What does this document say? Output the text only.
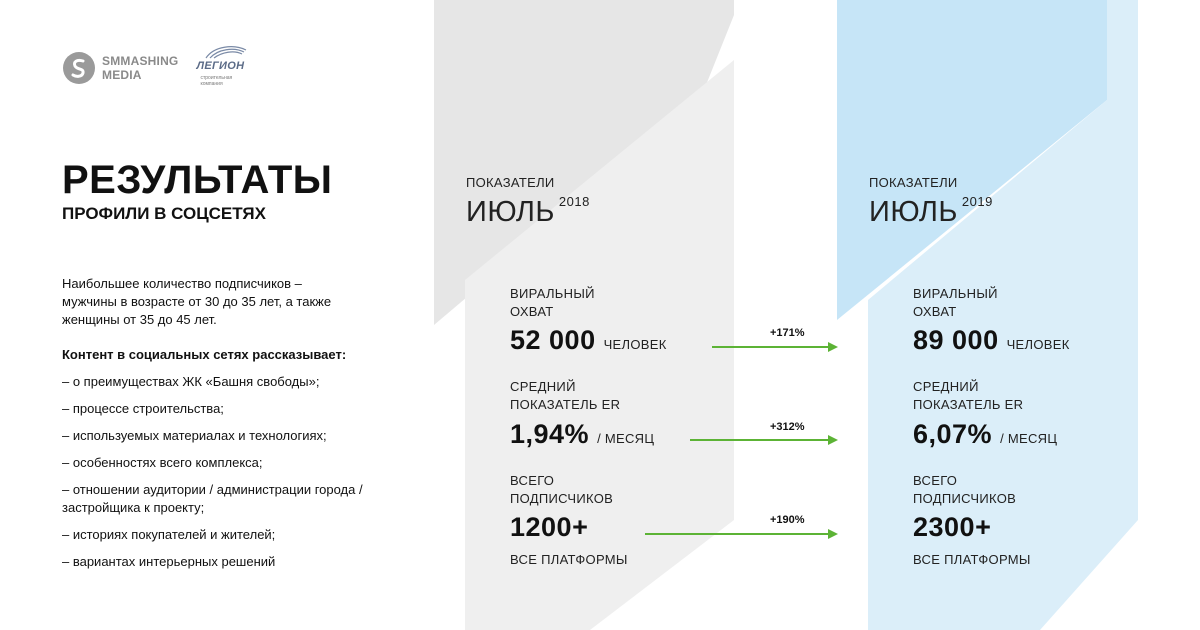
SMMASHING
MEDIA
ЛЕГИОН
строительная
компания
РЕЗУЛЬТАТЫ
ПРОФИЛИ В СОЦСЕТЯХ
Наибольшее количество подписчиков –
мужчины в возрасте от 30 до 35 лет, а также
женщины от 35 до 45 лет.
Контент в социальных сетях рассказывает:
– о преимуществах ЖК «Башня свободы»;
– процессе строительства;
– используемых материалах и технологиях;
– особенностях всего комплекса;
– отношении аудитории / администрации города / застройщика к проекту;
– историях покупателей и жителей;
– вариантах интерьерных решений
ПОКАЗАТЕЛИ
ИЮЛЬ $^{2018}$
ВИРАЛЬНЫЙ
ОХВАТ
52 000 ЧЕЛОВЕК
СРЕДНИЙ
ПОКАЗАТЕЛЬ ER
1,94% / МЕСЯЦ
ВСЕГО
ПОДПИСЧИКОВ
1200+
ВСЕ ПЛАТФОРМЫ
+171%
+312%
+190%
ПОКАЗАТЕЛИ
ИЮЛЬ $^{2019}$
ВИРАЛЬНЫЙ
ОХВАТ
89 000 ЧЕЛОВЕК
СРЕДНИЙ
ПОКАЗАТЕЛЬ ER
6,07% / МЕСЯЦ
ВСЕГО
ПОДПИСЧИКОВ
2300+
ВСЕ ПЛАТФОРМЫ
